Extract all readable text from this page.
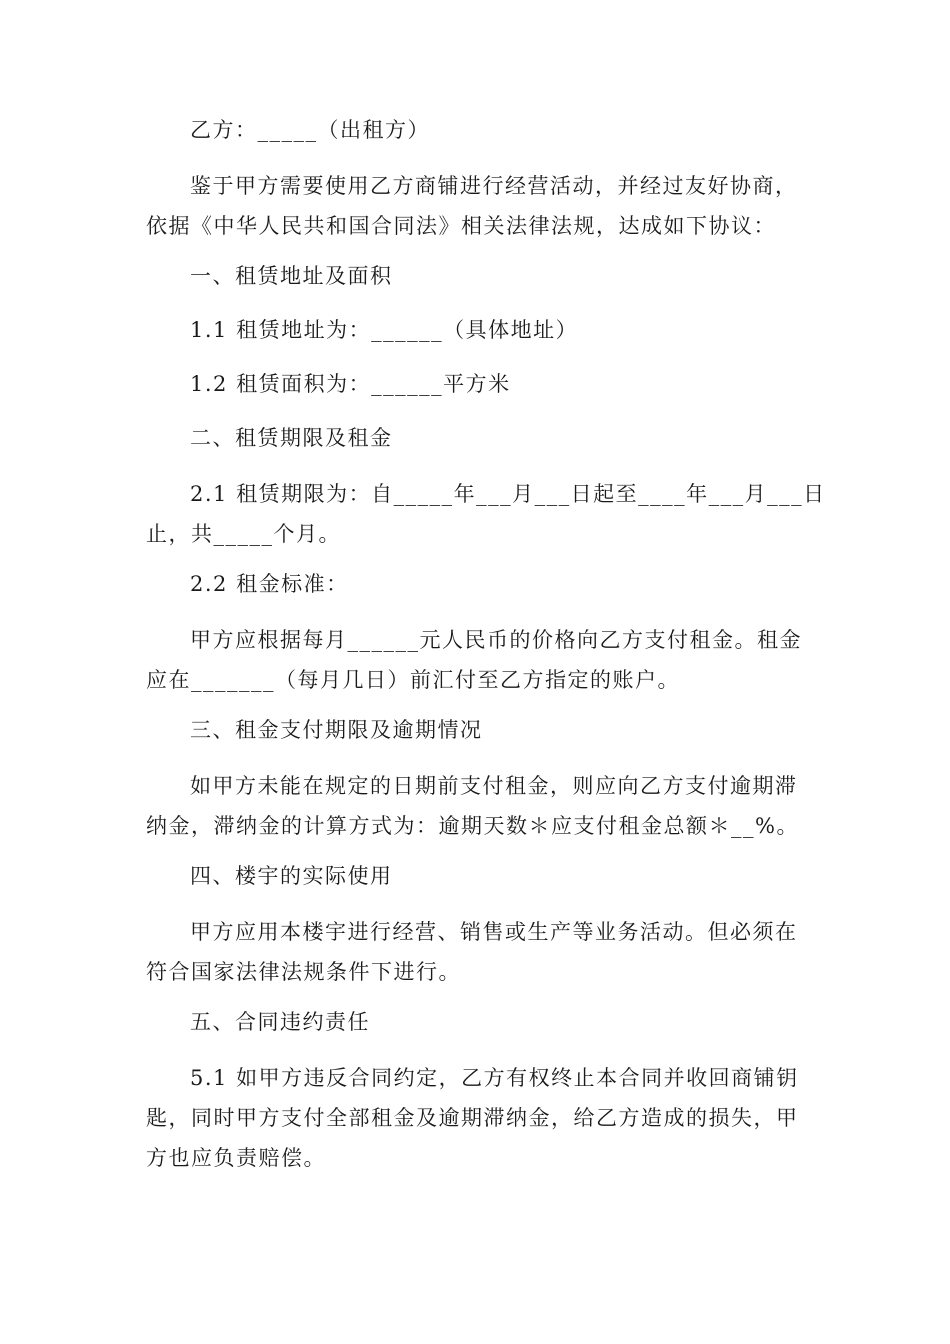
乙方：_____（出租方）
鉴于甲方需要使用乙方商铺进行经营活动，并经过友好协商，
依据《中华人民共和国合同法》相关法律法规，达成如下协议：
一、租赁地址及面积
1.1 租赁地址为：______（具体地址）
1.2 租赁面积为：______平方米
二、租赁期限及租金
2.1 租赁期限为：自_____年___月___日起至____年___月___日
止，共_____个月。
2.2 租金标准：
甲方应根据每月______元人民币的价格向乙方支付租金。租金
应在_______（每月几日）前汇付至乙方指定的账户。
三、租金支付期限及逾期情况
如甲方未能在规定的日期前支付租金，则应向乙方支付逾期滞
纳金，滞纳金的计算方式为：逾期天数＊应支付租金总额＊__%。
四、楼宇的实际使用
甲方应用本楼宇进行经营、销售或生产等业务活动。但必须在
符合国家法律法规条件下进行。
五、合同违约责任
5.1 如甲方违反合同约定，乙方有权终止本合同并收回商铺钥
匙，同时甲方支付全部租金及逾期滞纳金，给乙方造成的损失，甲
方也应负责赔偿。
